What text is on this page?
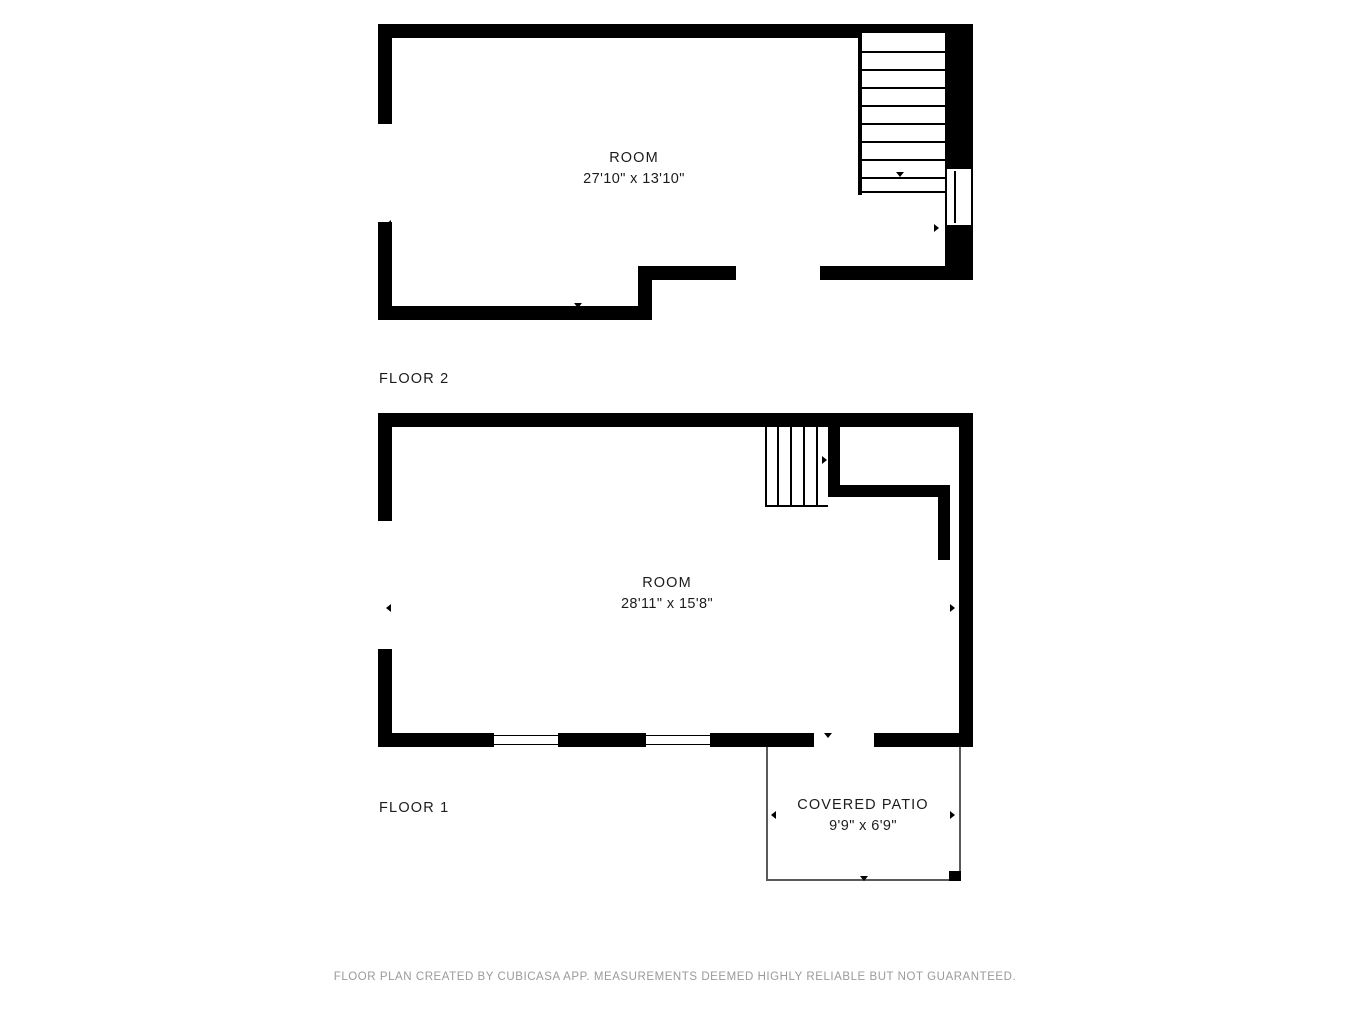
ROOM
27'10" x 13'10"
FLOOR 2
ROOM
28'11" x 15'8"
COVERED PATIO
9'9" x 6'9"
FLOOR 1
FLOOR PLAN CREATED BY CUBICASA APP. MEASUREMENTS DEEMED HIGHLY RELIABLE BUT NOT GUARANTEED.
